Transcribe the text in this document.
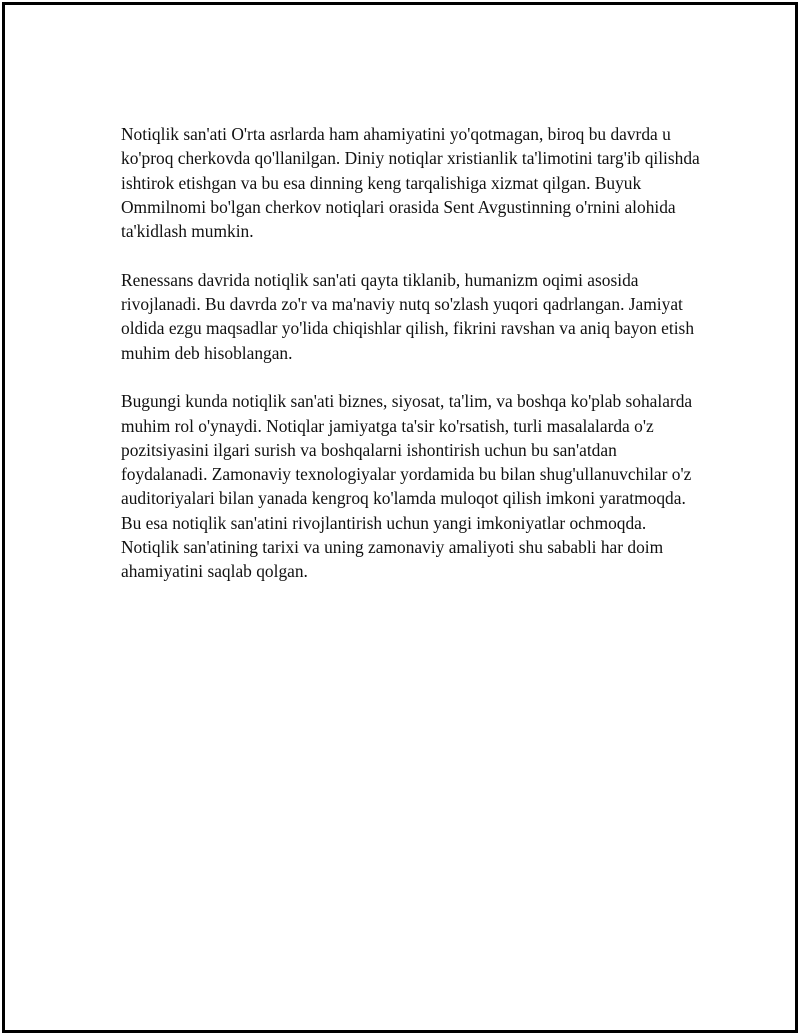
Notiqlik san'ati O'rta asrlarda ham ahamiyatini yo'qotmagan, biroq bu davrda u ko'proq cherkovda qo'llanilgan. Diniy notiqlar xristianlik ta'limotini targ'ib qilishda ishtirok etishgan va bu esa dinning keng tarqalishiga xizmat qilgan. Buyuk Ommilnomi bo'lgan cherkov notiqlari orasida Sent Avgustinning o'rnini alohida ta'kidlash mumkin.

Renessans davrida notiqlik san'ati qayta tiklanib, humanizm oqimi asosida rivojlanadi. Bu davrda zo'r va ma'naviy nutq so'zlash yuqori qadrlangan. Jamiyat oldida ezgu maqsadlar yo'lida chiqishlar qilish, fikrini ravshan va aniq bayon etish muhim deb hisoblangan.

Bugungi kunda notiqlik san'ati biznes, siyosat, ta'lim, va boshqa ko'plab sohalarda muhim rol o'ynaydi. Notiqlar jamiyatga ta'sir ko'rsatish, turli masalalarda o'z pozitsiyasini ilgari surish va boshqalarni ishontirish uchun bu san'atdan foydalanadi. Zamonaviy texnologiyalar yordamida bu bilan shug'ullanuvchilar o'z auditoriyalari bilan yanada kengroq ko'lamda muloqot qilish imkoni yaratmoqda. Bu esa notiqlik san'atini rivojlantirish uchun yangi imkoniyatlar ochmoqda. Notiqlik san'atining tarixi va uning zamonaviy amaliyoti shu sababli har doim ahamiyatini saqlab qolgan.
